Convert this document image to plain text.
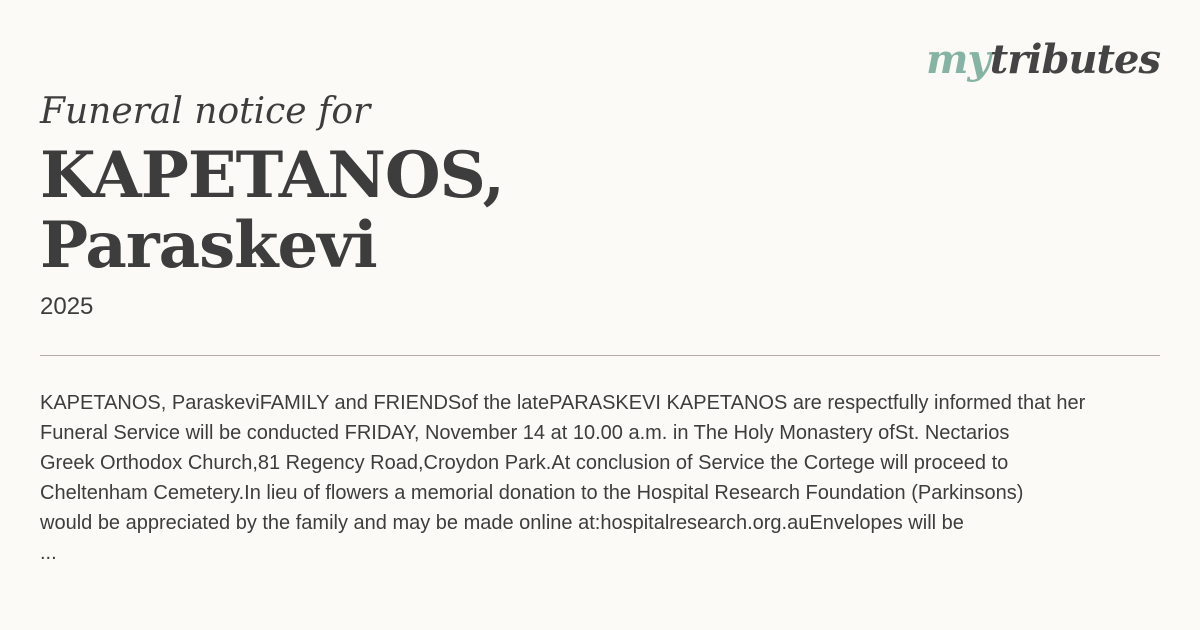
mytributes
Funeral notice for
KAPETANOS,
Paraskevi
2025
KAPETANOS, ParaskeviFAMILY and FRIENDSof the latePARASKEVI KAPETANOS are respectfully informed that her
Funeral Service will be conducted FRIDAY, November 14 at 10.00 a.m. in The Holy Monastery ofSt. Nectarios
Greek Orthodox Church,81 Regency Road,Croydon Park.At conclusion of Service the Cortege will proceed to
Cheltenham Cemetery.In lieu of flowers a memorial donation to the Hospital Research Foundation (Parkinsons)
would be appreciated by the family and may be made online at:hospitalresearch.org.auEnvelopes will be
...
